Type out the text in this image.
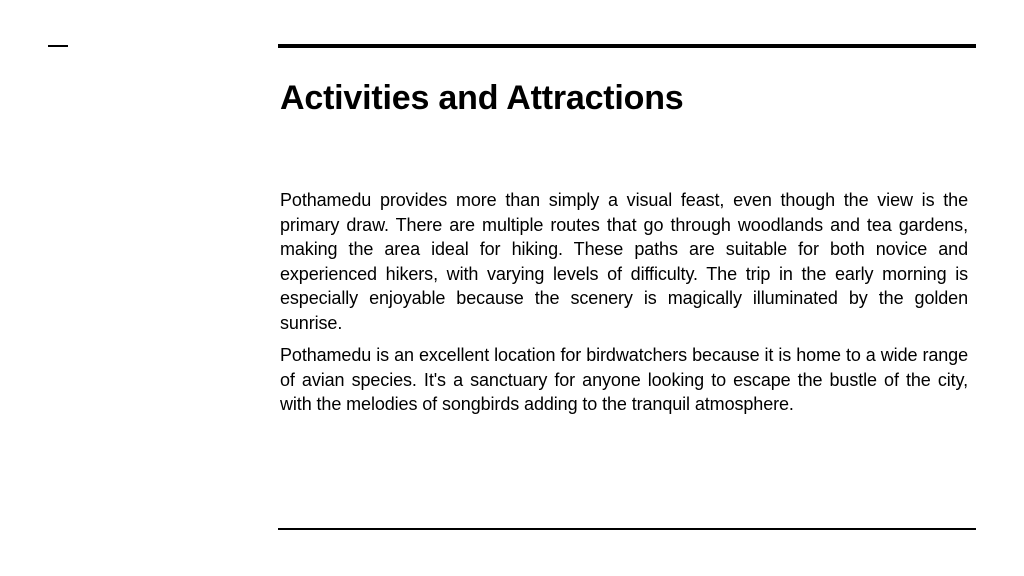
Activities and Attractions

Pothamedu provides more than simply a visual feast, even though the view is the primary draw. There are multiple routes that go through woodlands and tea gardens, making the area ideal for hiking. These paths are suitable for both novice and experienced hikers, with varying levels of difficulty. The trip in the early morning is especially enjoyable because the scenery is magically illuminated by the golden sunrise.

Pothamedu is an excellent location for birdwatchers because it is home to a wide range of avian species. It's a sanctuary for anyone looking to escape the bustle of the city, with the melodies of songbirds adding to the tranquil atmosphere.
